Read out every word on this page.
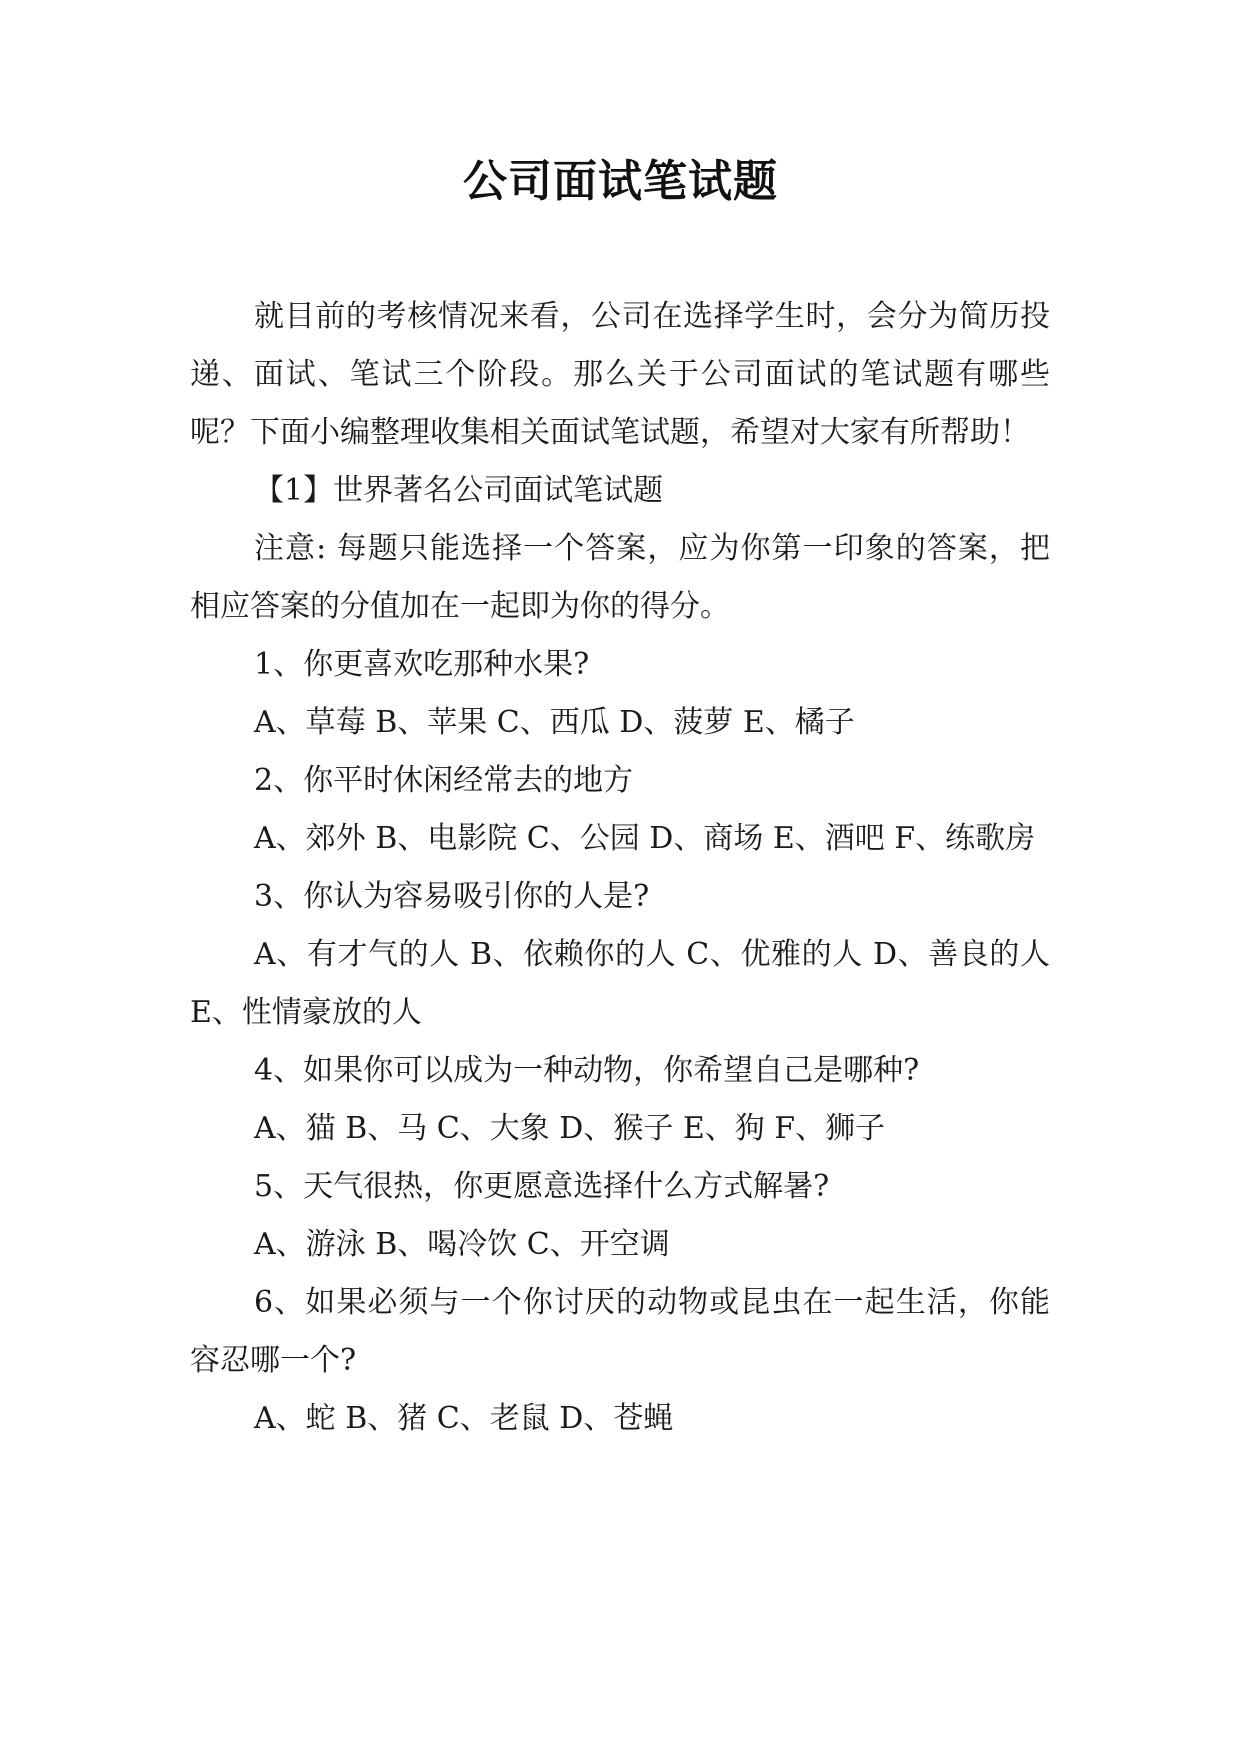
公司面试笔试题

就目前的考核情况来看，公司在选择学生时，会分为简历投递、面试、笔试三个阶段。那么关于公司面试的笔试题有哪些呢？下面小编整理收集相关面试笔试题，希望对大家有所帮助！

【1】世界著名公司面试笔试题

注意: 每题只能选择一个答案，应为你第一印象的答案，把相应答案的分值加在一起即为你的得分。

1、你更喜欢吃那种水果?

A、草莓 B、苹果 C、西瓜 D、菠萝 E、橘子

2、你平时休闲经常去的地方

A、郊外 B、电影院 C、公园 D、商场 E、酒吧 F、练歌房

3、你认为容易吸引你的人是?

A、有才气的人 B、依赖你的人 C、优雅的人 D、善良的人 E、性情豪放的人

4、如果你可以成为一种动物，你希望自己是哪种?

A、猫 B、马 C、大象 D、猴子 E、狗 F、狮子

5、天气很热，你更愿意选择什么方式解暑?

A、游泳 B、喝冷饮 C、开空调

6、如果必须与一个你讨厌的动物或昆虫在一起生活，你能容忍哪一个?

A、蛇 B、猪 C、老鼠 D、苍蝇
